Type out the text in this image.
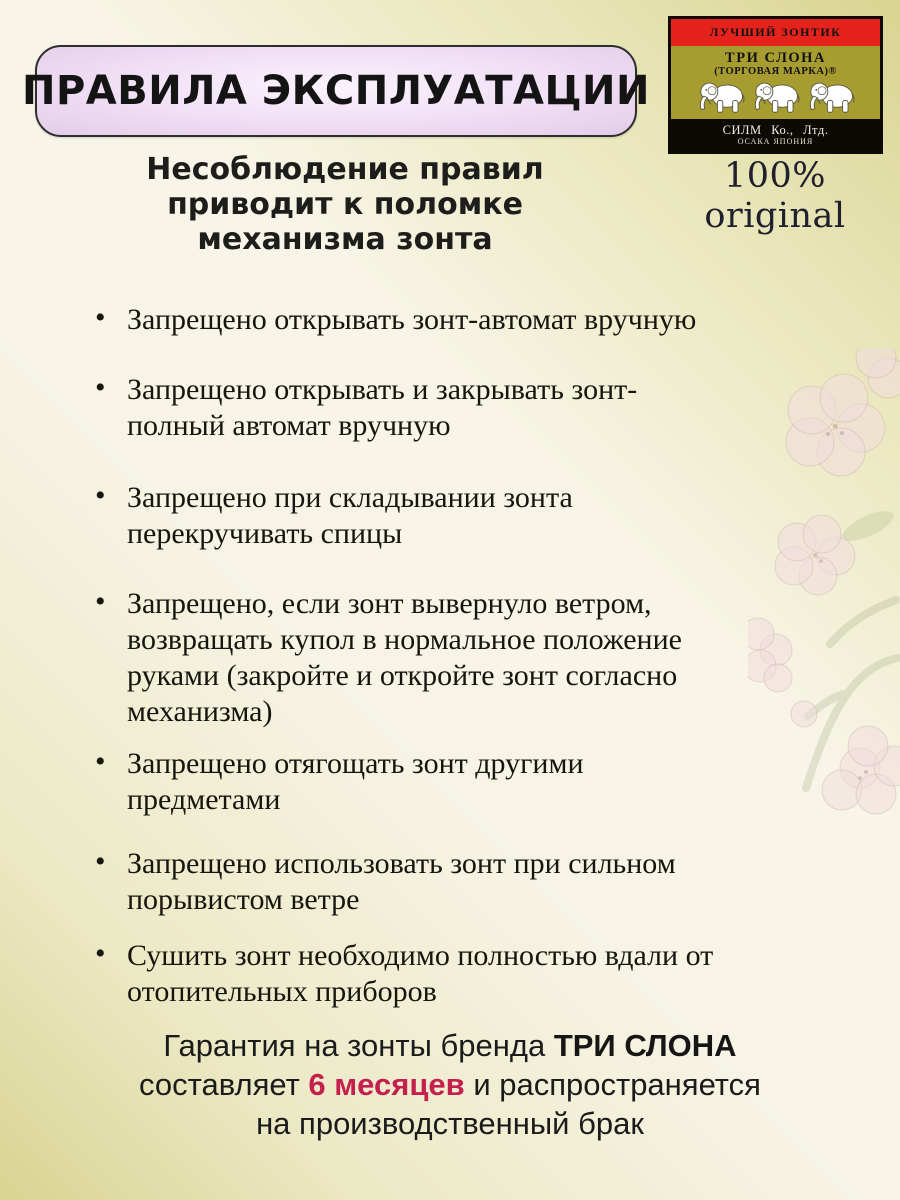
ПРАВИЛА ЭКСПЛУАТАЦИИ
ЛУЧШИЙ ЗОНТИК
ТРИ СЛОНА
(ТОРГОВАЯ МАРКА)®
СИЛМ Ко., Лтд.
ОСАКА ЯПОНИЯ
100% original
Несоблюдение правил
приводит к поломке
механизма зонта
• Запрещено открывать зонт-автомат вручную
• Запрещено открывать и закрывать зонт-полный автомат вручную
• Запрещено при складывании зонта перекручивать спицы
• Запрещено, если зонт вывернуло ветром, возвращать купол в нормальное положение руками (закройте и откройте зонт согласно механизма)
• Запрещено отягощать зонт другими предметами
• Запрещено использовать зонт при сильном порывистом ветре
• Сушить зонт необходимо полностью вдали от отопительных приборов
Гарантия на зонты бренда ТРИ СЛОНА
составляет 6 месяцев и распространяется
на производственный брак
